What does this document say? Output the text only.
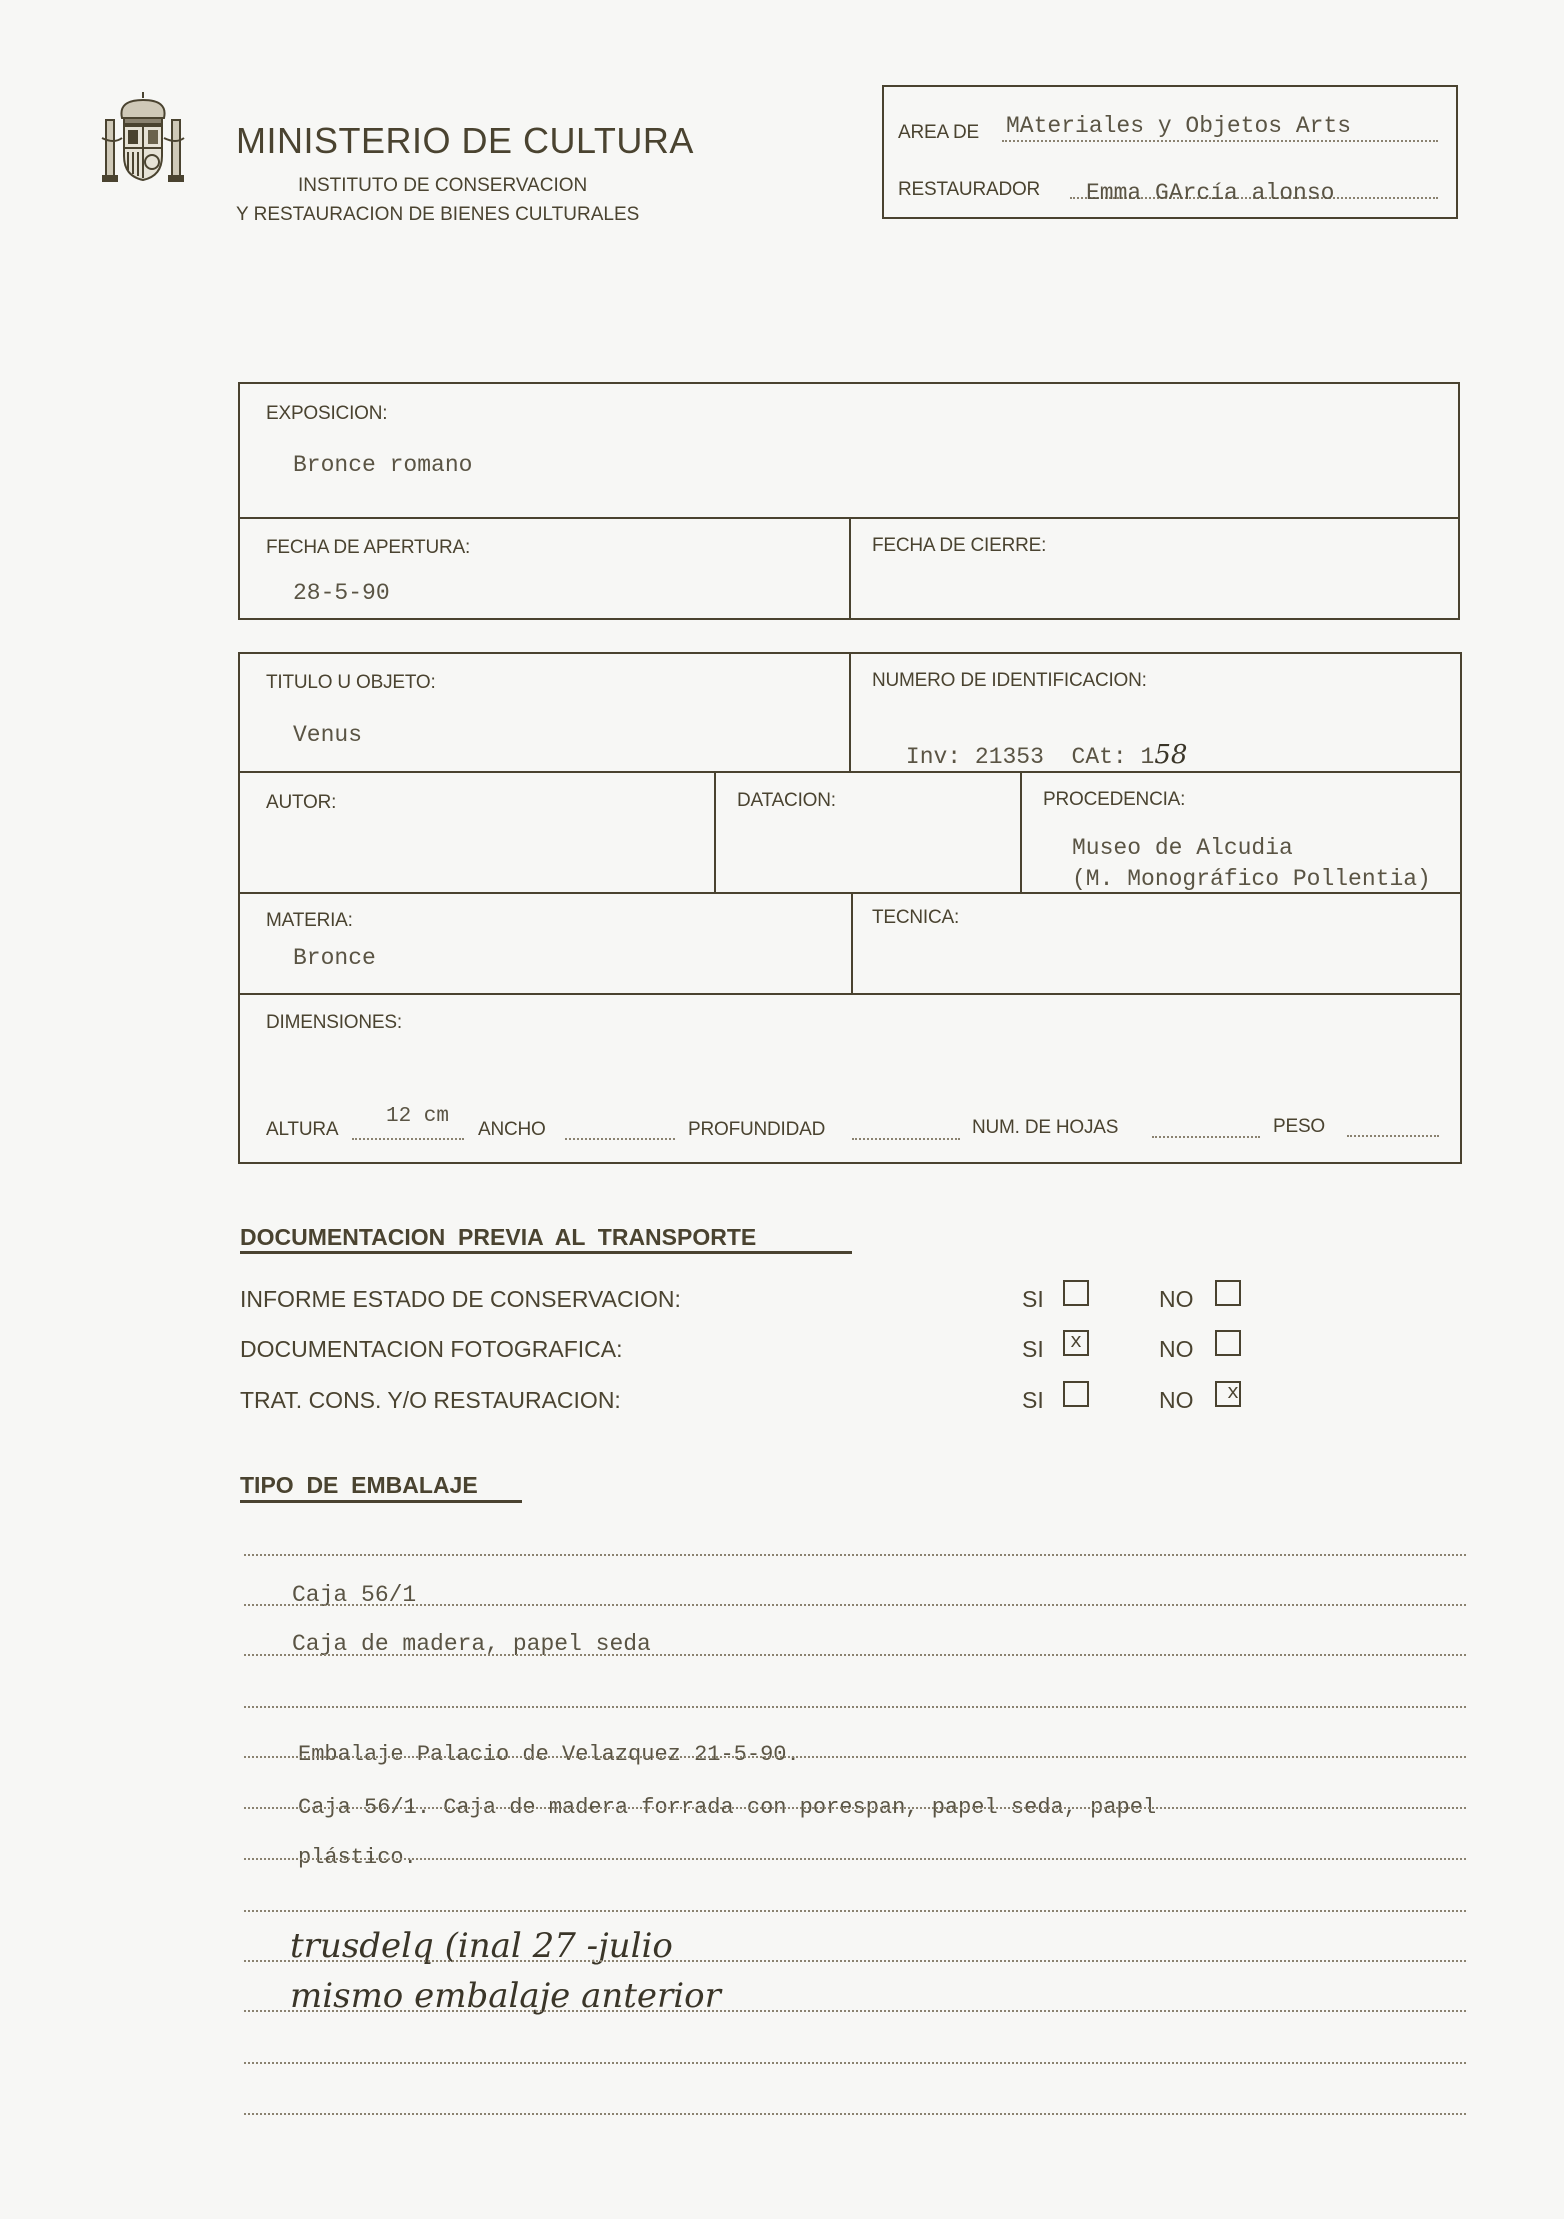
MINISTERIO DE CULTURA
INSTITUTO DE CONSERVACION
Y RESTAURACION DE BIENES CULTURALES
AREA DE MAteriales y Objetos Arts
RESTAURADOR Emma GArcía alonso
EXPOSICION:
Bronce romano
FECHA DE APERTURA:
28-5-90
FECHA DE CIERRE:
TITULO U OBJETO:
Venus
NUMERO DE IDENTIFICACION:

Inv: 21353  CAt: 158

AUTOR:	DATACION:	PROCEDENCIA:
Museo de Alcudia
(M. Monográfico Pollentia)
MATERIA:
Bronce
TECNICA:
DIMENSIONES:
ALTURA
12 cm
ANCHO	PROFUNDIDAD	NUM. DE HOJAS	PESO
DOCUMENTACION  PREVIA  AL  TRANSPORTE
INFORME ESTADO DE CONSERVACION:	SI	NO
DOCUMENTACION FOTOGRAFICA:	SI	x	NO
TRAT. CONS. Y/O RESTAURACION:	SI	NO	x
TIPO  DE  EMBALAJE
Caja 56/1
Caja de madera, papel seda
Embalaje Palacio de Velazquez 21-5-90.
Caja 56/1. Caja de madera forrada con porespan, papel seda, papel
plástico.
trusdelq (inal 27 -julio
mismo embalaje anterior
